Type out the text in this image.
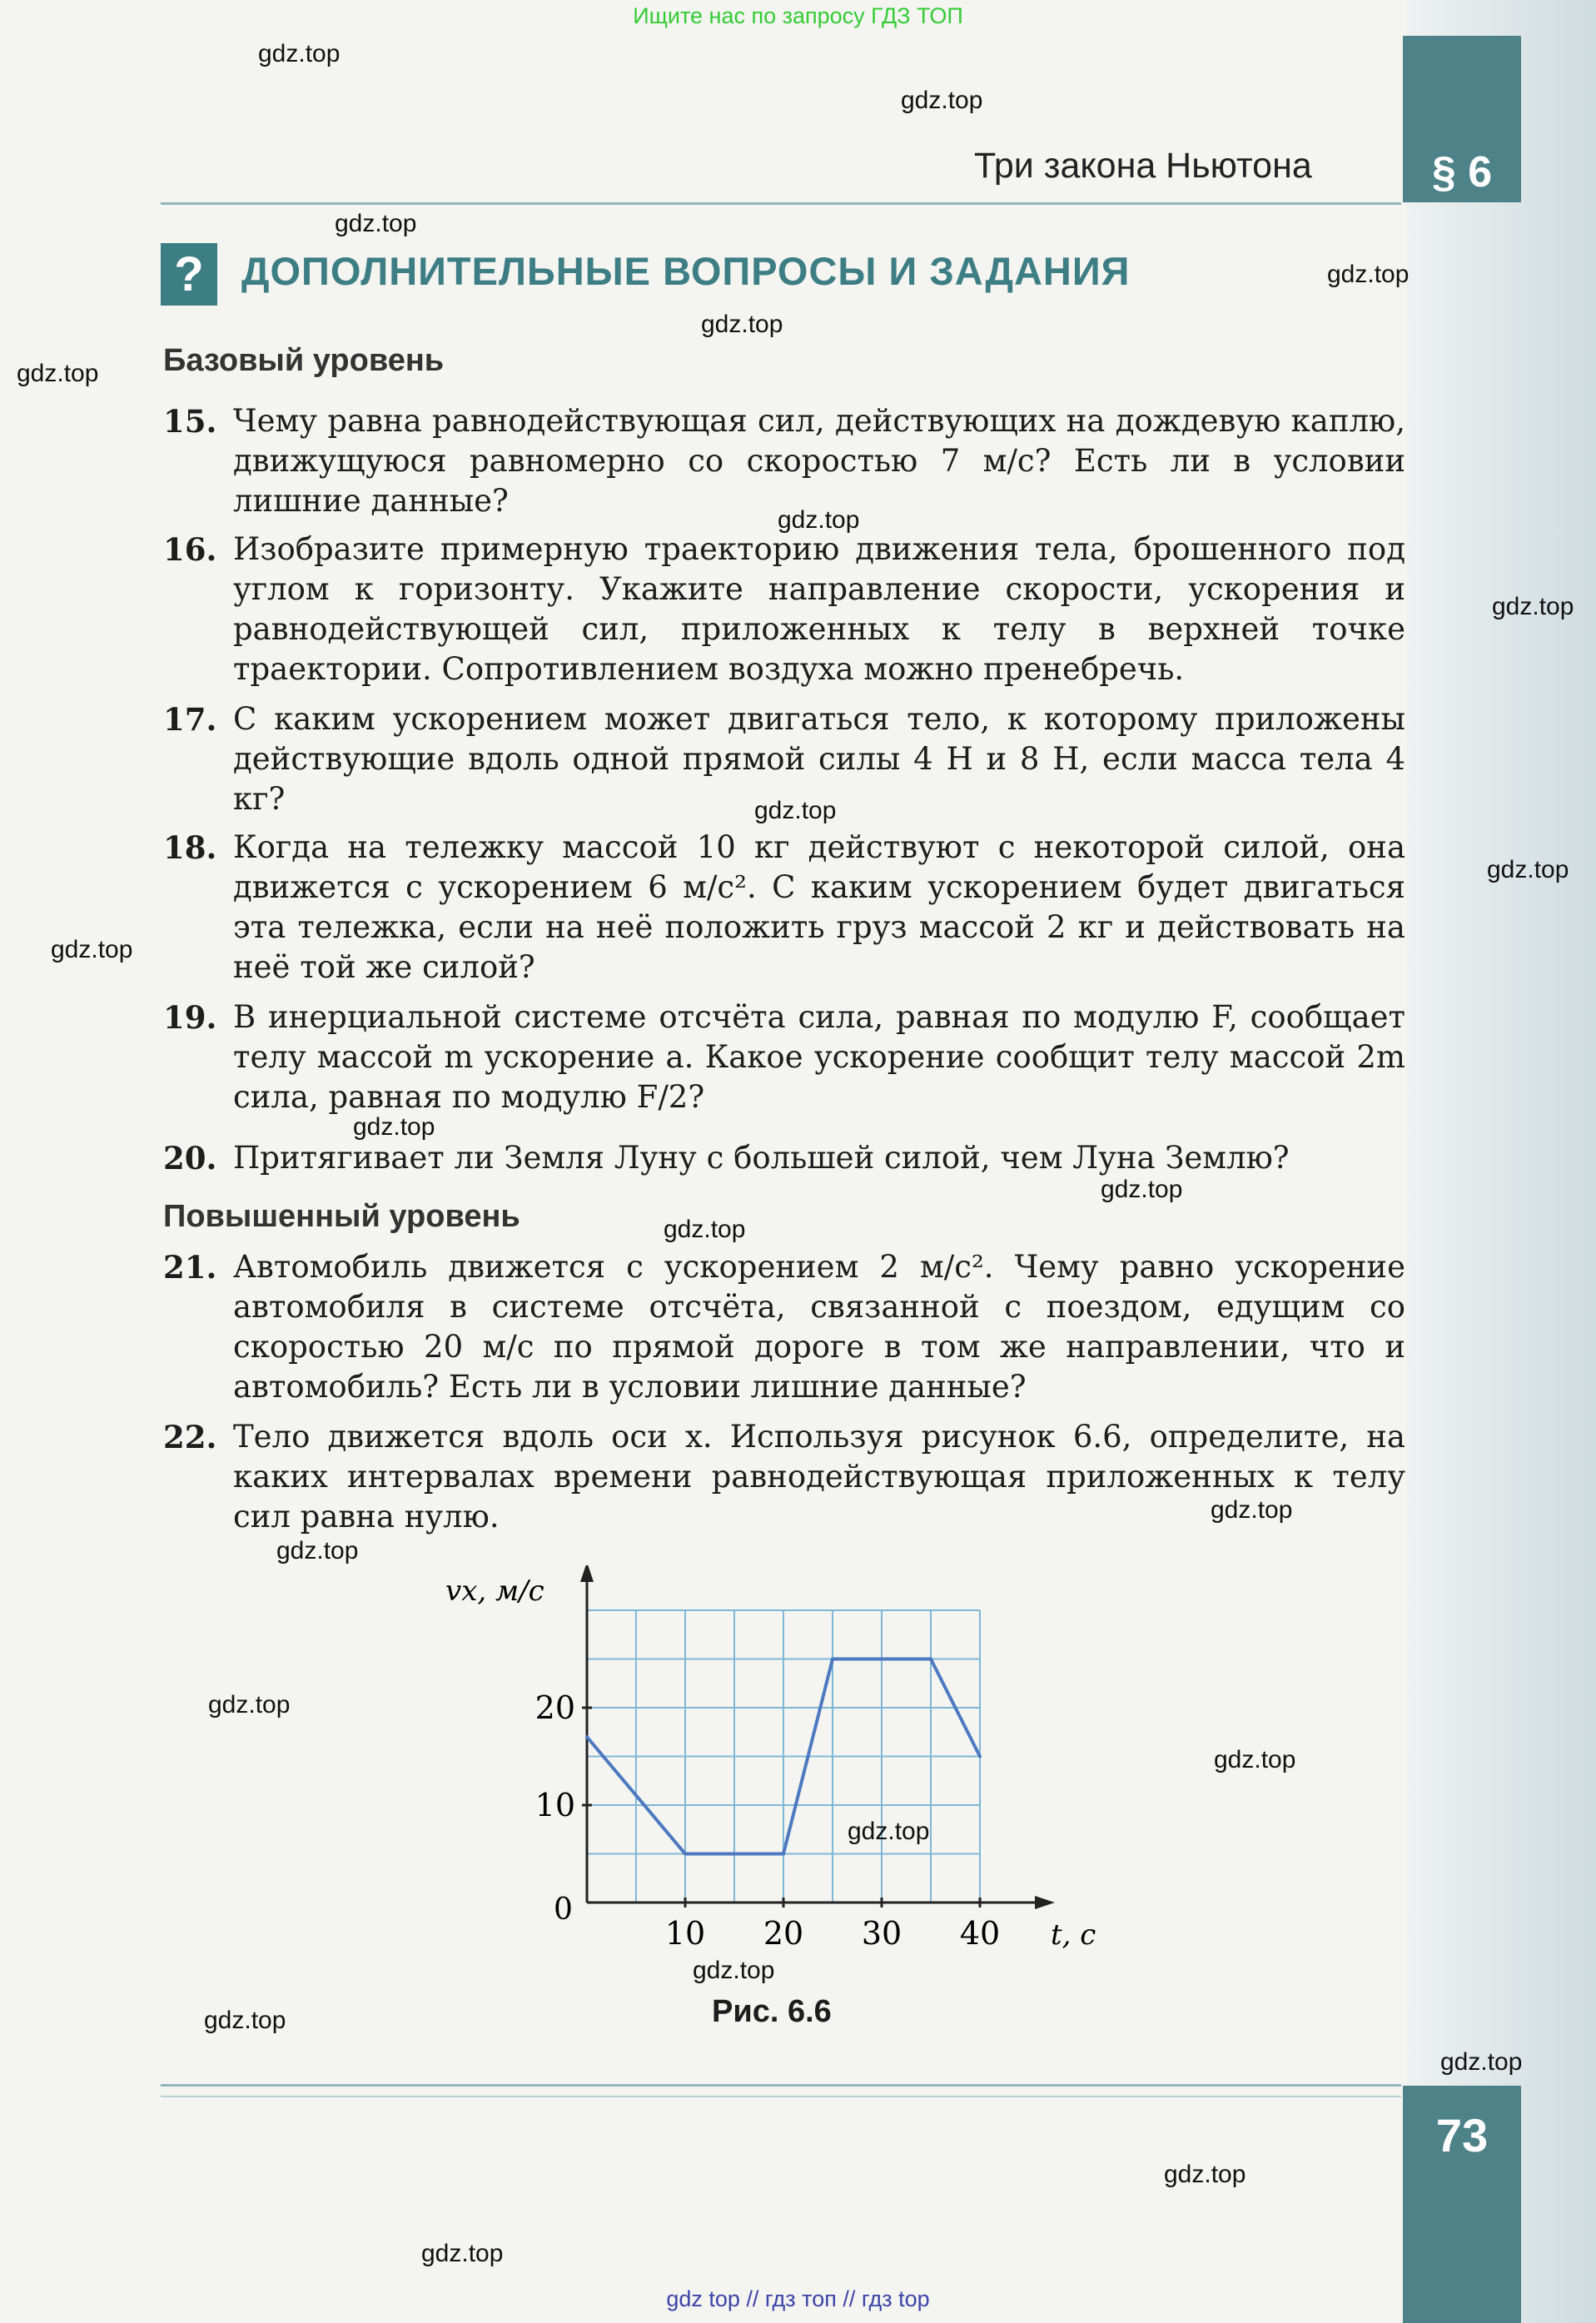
Ищите нас по запросу ГДЗ ТОП
§ 6
Три закона Ньютона
? ДОПОЛНИТЕЛЬНЫЕ ВОПРОСЫ И ЗАДАНИЯ
Базовый уровень
15. Чему равна равнодействующая сил, действующих на дождевую каплю, движущуюся равномерно со скоростью 7 м/с? Есть ли в условии лишние данные?
16. Изобразите примерную траекторию движения тела, брошенного под углом к горизонту. Укажите направление скорости, ускорения и равнодействующей сил, приложенных к телу в верхней точке траектории. Сопротивлением воздуха можно пренебречь.
17. С каким ускорением может двигаться тело, к которому приложены действующие вдоль одной прямой силы 4 Н и 8 Н, если масса тела 4 кг?
18. Когда на тележку массой 10 кг действуют с некоторой силой, она движется с ускорением 6 м/с². С каким ускорением будет двигаться эта тележка, если на неё положить груз массой 2 кг и действовать на неё той же силой?
19. В инерциальной системе отсчёта сила, равная по модулю F, сообщает телу массой m ускорение a. Какое ускорение сообщит телу массой 2m сила, равная по модулю F/2?
20. Притягивает ли Земля Луну с большей силой, чем Луна Землю?
Повышенный уровень
21. Автомобиль движется с ускорением 2 м/с². Чему равно ускорение автомобиля в системе отсчёта, связанной с поездом, едущим со скоростью 20 м/с по прямой дороге в том же направлении, что и автомобиль? Есть ли в условии лишние данные?
22. Тело движется вдоль оси x. Используя рисунок 6.6, определите, на каких интервалах времени равнодействующая приложенных к телу сил равна нулю.
10 20 30 40
10
20
vx, м/с
t, c
0
Рис. 6.6
73
gdz.top
gdz.top
gdz.top
gdz.top
gdz.top
gdz.top
gdz.top
gdz.top
gdz.top
gdz.top
gdz.top
gdz.top
gdz.top
gdz.top
gdz.top
gdz.top
gdz.top
gdz.top
gdz.top
gdz.top
gdz.top
gdz.top
gdz.top
gdz.top
gdz top // гдз топ // гдз top
